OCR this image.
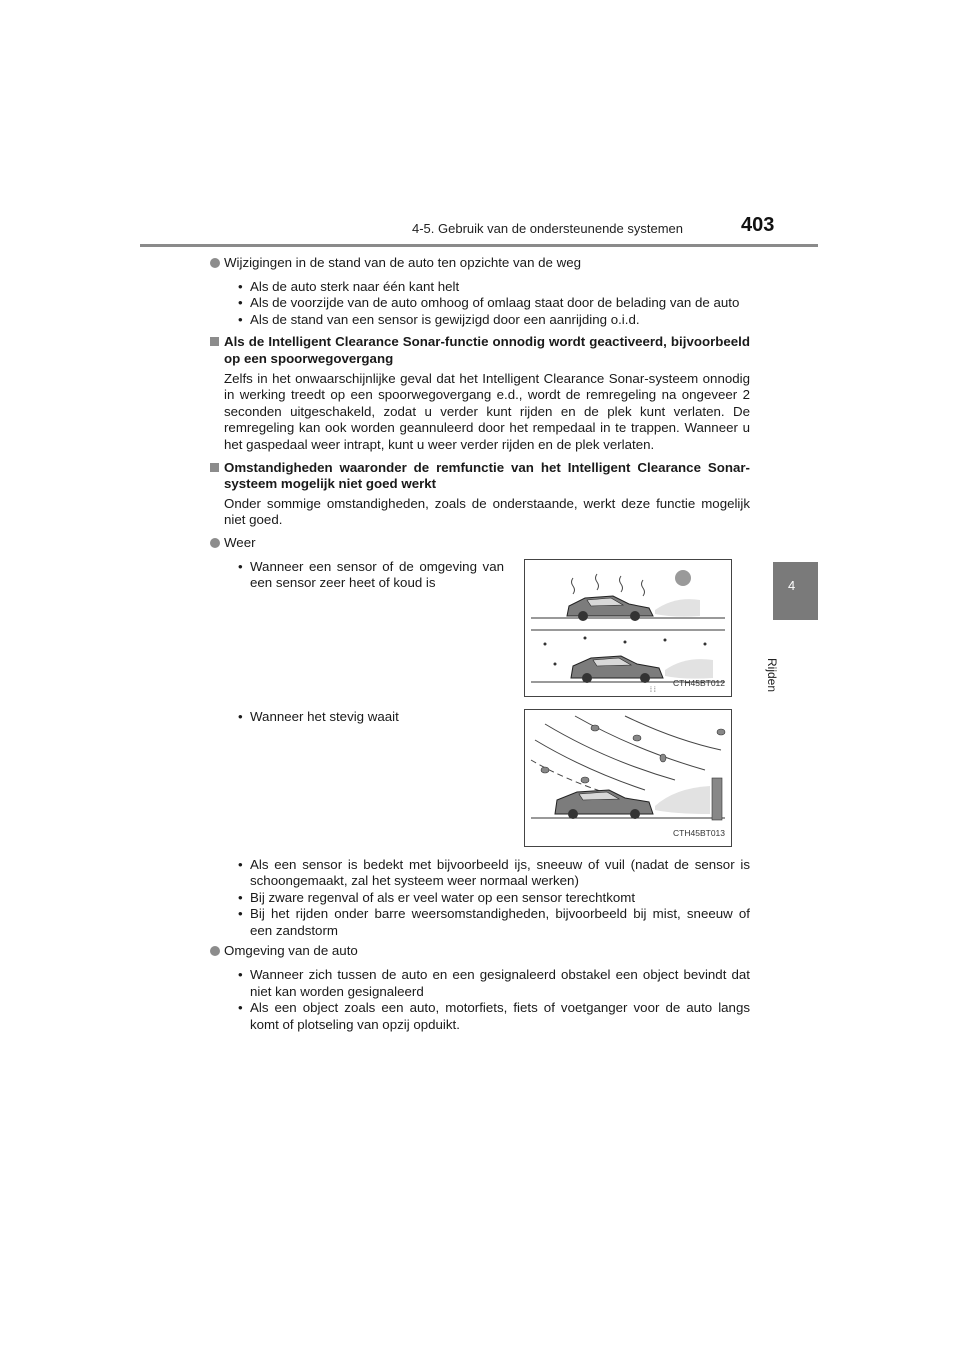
4-5. Gebruik van de ondersteunende systemen	403
4
Rijden
Wijzigingen in de stand van de auto ten opzichte van de weg
• Als de auto sterk naar één kant helt
• Als de voorzijde van de auto omhoog of omlaag staat door de belading van de auto
• Als de stand van een sensor is gewijzigd door een aanrijding o.i.d.
Als de Intelligent Clearance Sonar-functie onnodig wordt geactiveerd, bijvoorbeeld op een spoorwegovergang

Zelfs in het onwaarschijnlijke geval dat het Intelligent Clearance Sonar-systeem onnodig in werking treedt op een spoorwegovergang e.d., wordt de remregeling na ongeveer 2 seconden uitgeschakeld, zodat u verder kunt rijden en de plek kunt verlaten. De remregeling kan ook worden geannuleerd door het rempedaal in te trappen. Wanneer u het gaspedaal weer intrapt, kunt u weer verder rijden en de plek verlaten.

Omstandigheden waaronder de remfunctie van het Intelligent Clearance Sonar-systeem mogelijk niet goed werkt

Onder sommige omstandigheden, zoals de onderstaande, werkt deze functie mogelijk niet goed.

Weer
• Wanneer een sensor of de omgeving van een sensor zeer heet of koud is
⁞ ⁞
CTH45BT012
• Wanneer het stevig waait
CTH45BT013
• Als een sensor is bedekt met bijvoorbeeld ijs, sneeuw of vuil (nadat de sensor is schoongemaakt, zal het systeem weer normaal werken)
• Bij zware regenval of als er veel water op een sensor terechtkomt
• Bij het rijden onder barre weersomstandigheden, bijvoorbeeld bij mist, sneeuw of een zandstorm
Omgeving van de auto
• Wanneer zich tussen de auto en een gesignaleerd obstakel een object bevindt dat niet kan worden gesignaleerd
• Als een object zoals een auto, motorfiets, fiets of voetganger voor de auto langs komt of plotseling van opzij opduikt.
